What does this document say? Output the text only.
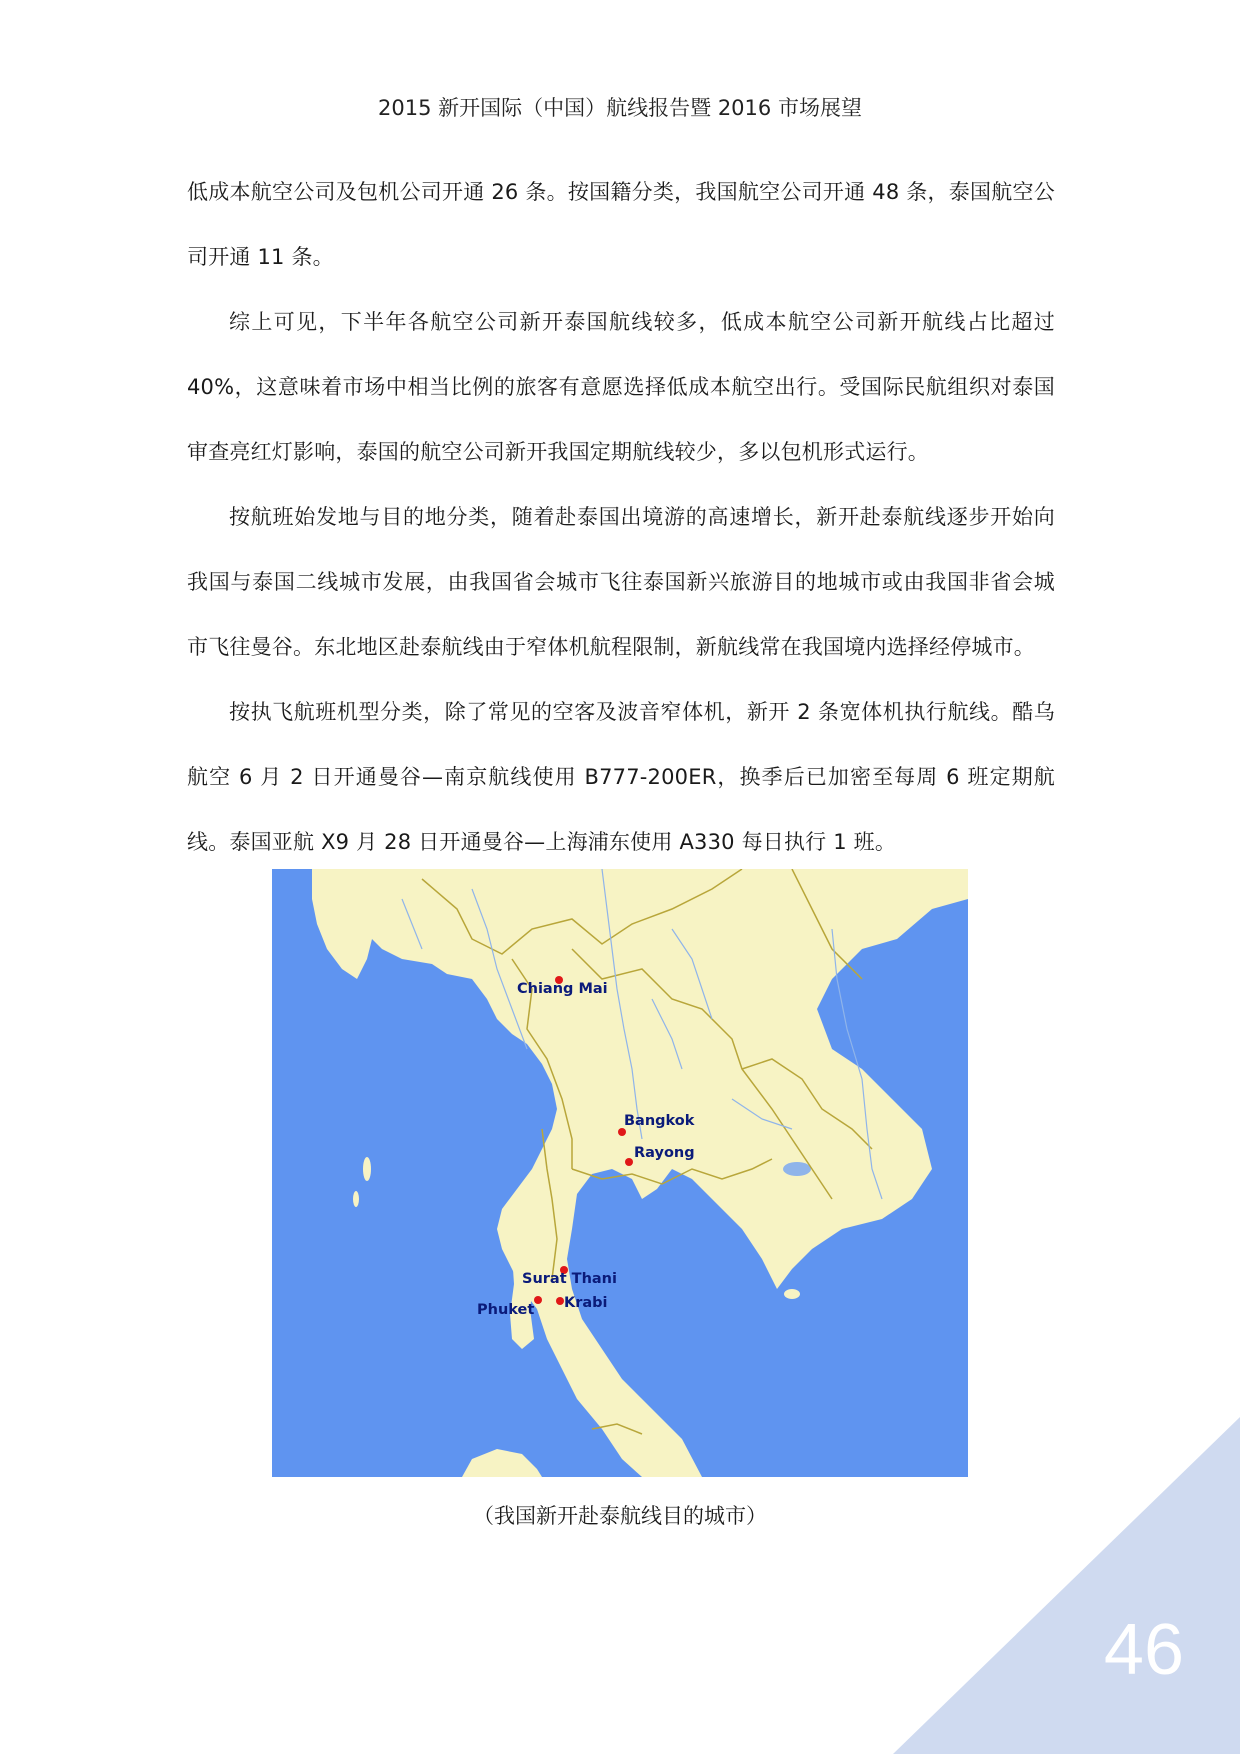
2015 新开国际（中国）航线报告暨 2016 市场展望

低成本航空公司及包机公司开通 26 条。按国籍分类，我国航空公司开通 48 条，泰国航空公司开通 11 条。

综上可见，下半年各航空公司新开泰国航线较多，低成本航空公司新开航线占比超过 40%，这意味着市场中相当比例的旅客有意愿选择低成本航空出行。受国际民航组织对泰国审查亮红灯影响，泰国的航空公司新开我国定期航线较少，多以包机形式运行。

按航班始发地与目的地分类，随着赴泰国出境游的高速增长，新开赴泰航线逐步开始向我国与泰国二线城市发展，由我国省会城市飞往泰国新兴旅游目的地城市或由我国非省会城市飞往曼谷。东北地区赴泰航线由于窄体机航程限制，新航线常在我国境内选择经停城市。

按执飞航班机型分类，除了常见的空客及波音窄体机，新开 2 条宽体机执行航线。酷乌航空 6 月 2 日开通曼谷—南京航线使用 B777-200ER，换季后已加密至每周 6 班定期航线。泰国亚航 X9 月 28 日开通曼谷—上海浦东使用 A330 每日执行 1 班。

Chiang Mai
Bangkok
Rayong
Surat Thani
Phuket Krabi
（我国新开赴泰航线目的城市）
46
